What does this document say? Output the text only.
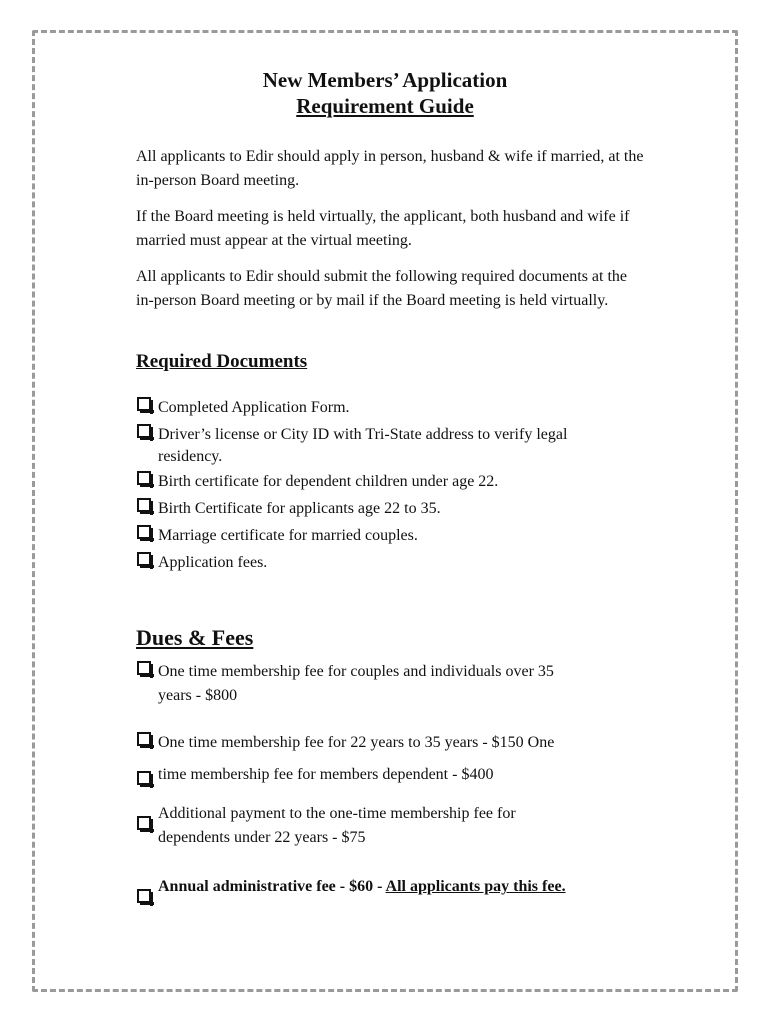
New Members’ Application
Requirement Guide
All applicants to Edir should apply in person, husband & wife if married, at the in-person Board meeting.
If the Board meeting is held virtually, the applicant, both husband and wife if married must appear at the virtual meeting.
All applicants to Edir should submit the following required documents at the in-person Board meeting or by mail if the Board meeting is held virtually.
Required Documents
Completed Application Form.
Driver’s license or City ID with Tri-State address to verify legal
residency.
Birth certificate for dependent children under age 22.
Birth Certificate for applicants age 22 to 35.
Marriage certificate for married couples.
Application fees.
Dues & Fees
One time membership fee for couples and individuals over 35
years - $800
One time membership fee for 22 years to 35 years - $150 One
time membership fee for members dependent - $400
Additional payment to the one-time membership fee for
dependents under 22 years - $75
Annual administrative fee - $60 - All applicants pay this fee.
